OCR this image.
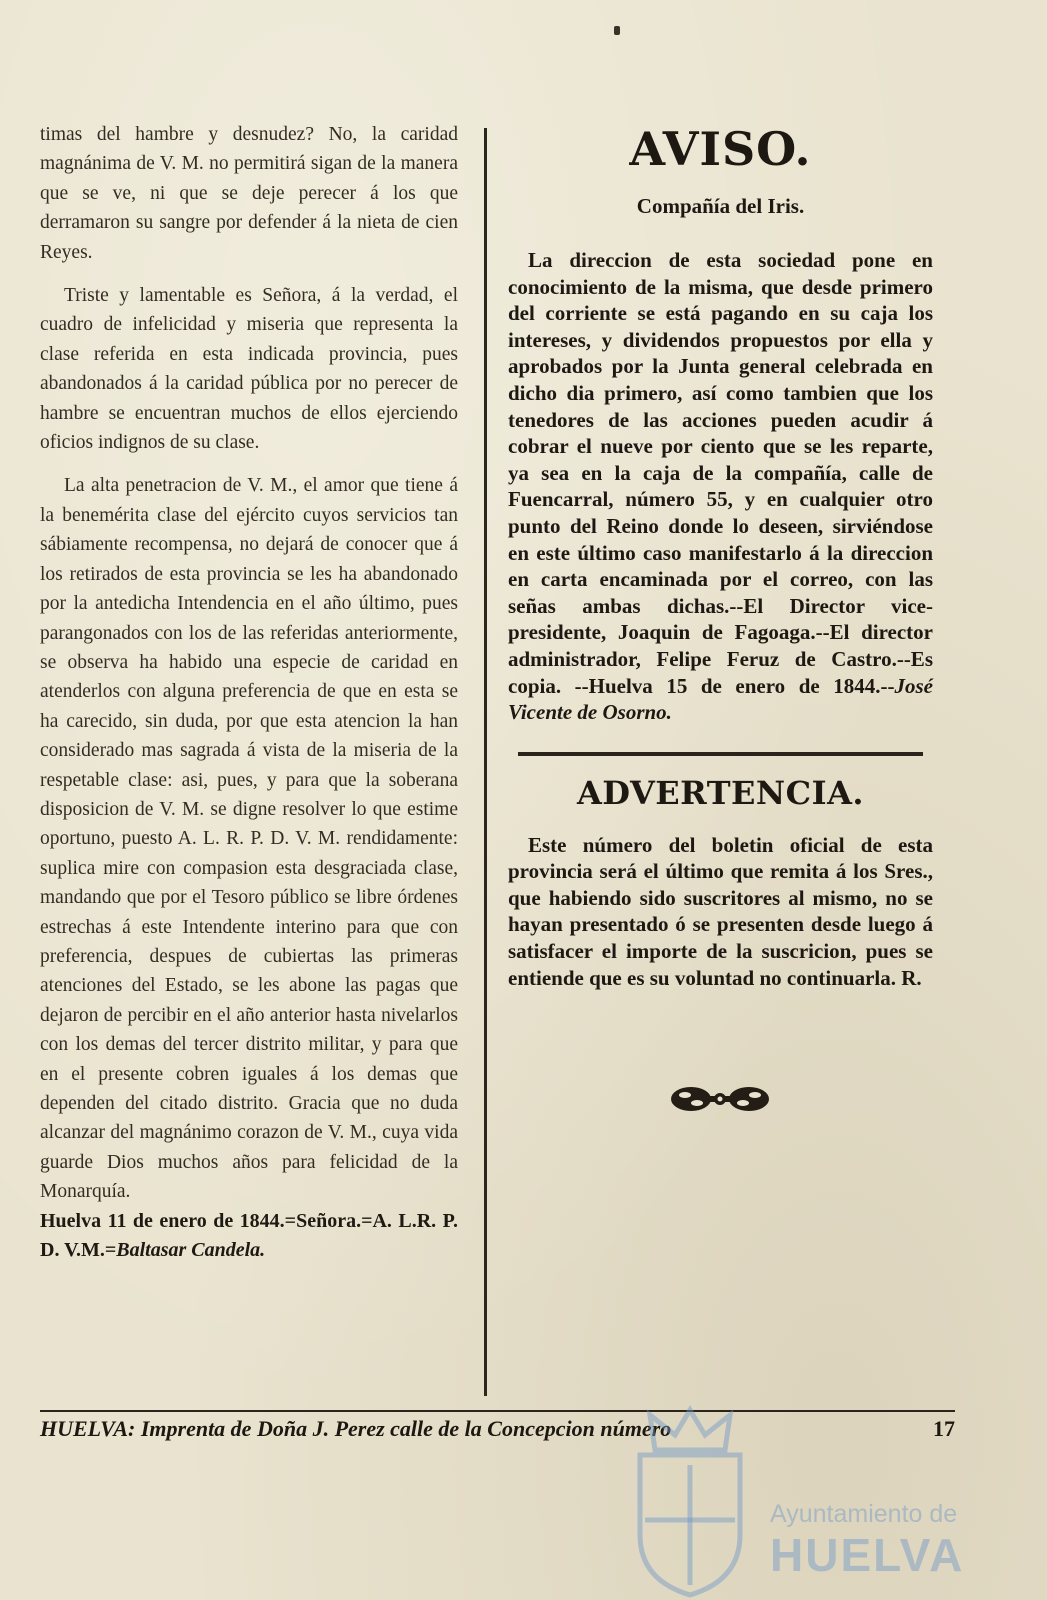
timas del hambre y desnudez? No, la caridad magnánima de V. M. no permitirá sigan de la manera que se ve, ni que se deje perecer á los que derramaron su sangre por defender á la nieta de cien Reyes.

Triste y lamentable es Señora, á la verdad, el cuadro de infelicidad y miseria que representa la clase referida en esta indicada provincia, pues abandonados á la caridad pública por no perecer de hambre se encuentran muchos de ellos ejerciendo oficios indignos de su clase.

La alta penetracion de V. M., el amor que tiene á la benemérita clase del ejército cuyos servicios tan sábiamente recompensa, no dejará de conocer que á los retirados de esta provincia se les ha abandonado por la antedicha Intendencia en el año último, pues parangonados con los de las referidas anteriormente, se observa ha habido una especie de caridad en atenderlos con alguna preferencia de que en esta se ha carecido, sin duda, por que esta atencion la han considerado mas sagrada á vista de la miseria de la respetable clase: asi, pues, y para que la soberana disposicion de V. M. se digne resolver lo que estime oportuno, puesto A. L. R. P. D. V. M. rendidamente: suplica mire con compasion esta desgraciada clase, mandando que por el Tesoro público se libre órdenes estrechas á este Intendente interino para que con preferencia, despues de cubiertas las primeras atenciones del Estado, se les abone las pagas que dejaron de percibir en el año anterior hasta nivelarlos con los demas del tercer distrito militar, y para que en el presente cobren iguales á los demas que dependen del citado distrito. Gracia que no duda alcanzar del magnánimo corazon de V. M., cuya vida guarde Dios muchos años para felicidad de la Monarquía.

Huelva 11 de enero de 1844.=Señora.=A. L.R. P. D. V.M.=Baltasar Candela.
AVISO.
Compañía del Iris.

La direccion de esta sociedad pone en conocimiento de la misma, que desde primero del corriente se está pagando en su caja los intereses, y dividendos propuestos por ella y aprobados por la Junta general celebrada en dicho dia primero, así como tambien que los tenedores de las acciones pueden acudir á cobrar el nueve por ciento que se les reparte, ya sea en la caja de la compañía, calle de Fuencarral, número 55, y en cualquier otro punto del Reino donde lo deseen, sirviéndose en este último caso manifestarlo á la direccion en carta encaminada por el correo, con las señas ambas dichas.--El Director vice-presidente, Joaquin de Fagoaga.--El director administrador, Felipe Feruz de Castro.--Es copia. --Huelva 15 de enero de 1844.--José Vicente de Osorno.

ADVERTENCIA.

Este número del boletin oficial de esta provincia será el último que remita á los Sres., que habiendo sido suscritores al mismo, no se hayan presentado ó se presenten desde luego á satisfacer el importe de la suscricion, pues se entiende que es su voluntad no continuarla. R.

HUELVA: Imprenta de Doña J. Perez calle de la Concepcion número	17
Ayuntamiento de
HUELVA
